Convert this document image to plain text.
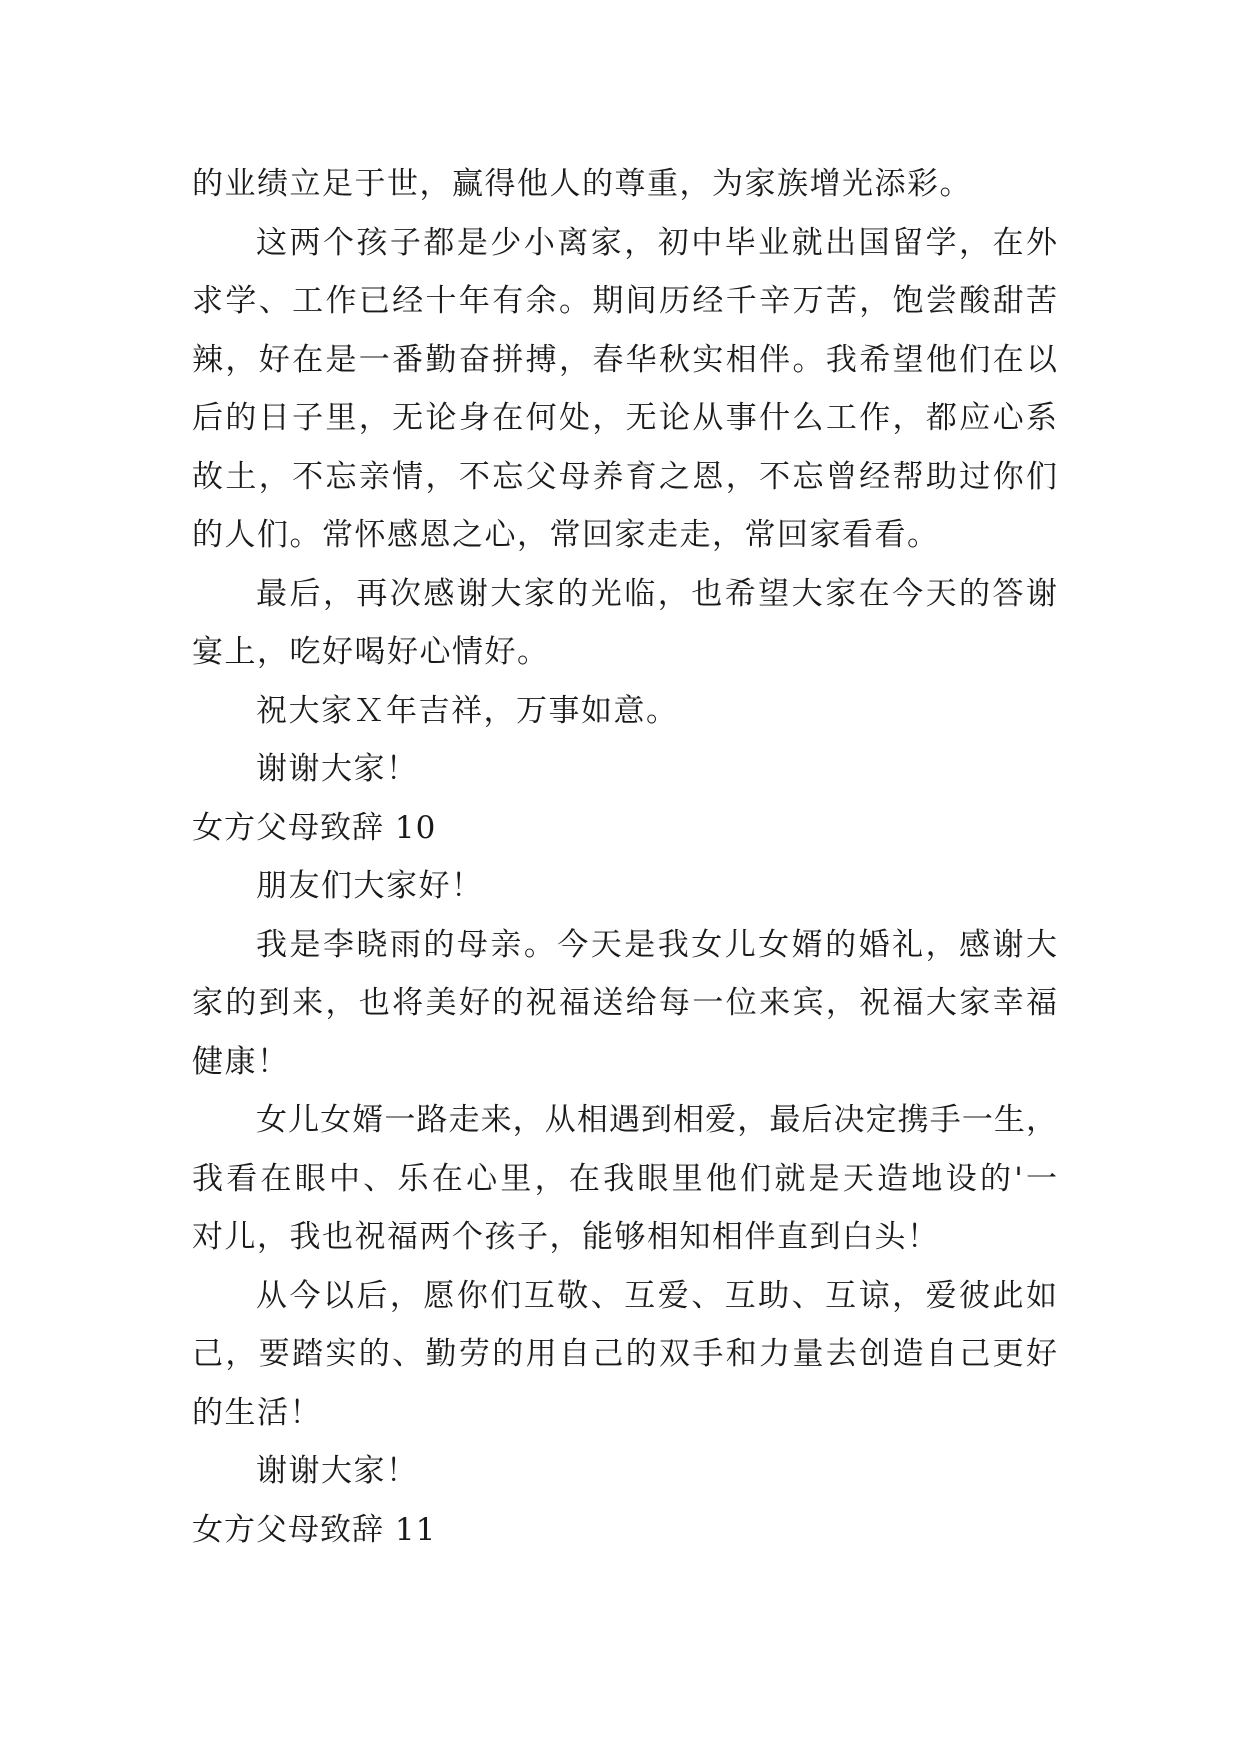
的业绩立足于世，赢得他人的尊重，为家族增光添彩。
这两个孩子都是少小离家，初中毕业就出国留学，在外
求学、工作已经十年有余。期间历经千辛万苦，饱尝酸甜苦
辣，好在是一番勤奋拼搏，春华秋实相伴。我希望他们在以
后的日子里，无论身在何处，无论从事什么工作，都应心系
故土，不忘亲情，不忘父母养育之恩，不忘曾经帮助过你们
的人们。常怀感恩之心，常回家走走，常回家看看。
最后，再次感谢大家的光临，也希望大家在今天的答谢
宴上，吃好喝好心情好。
祝大家Ｘ年吉祥，万事如意。
谢谢大家！
女方父母致辞 10
朋友们大家好！
我是李晓雨的母亲。今天是我女儿女婿的婚礼，感谢大
家的到来，也将美好的祝福送给每一位来宾，祝福大家幸福
健康！
女儿女婿一路走来，从相遇到相爱，最后决定携手一生，
我看在眼中、乐在心里，在我眼里他们就是天造地设的'一
对儿，我也祝福两个孩子，能够相知相伴直到白头！
从今以后，愿你们互敬、互爱、互助、互谅，爱彼此如
己，要踏实的、勤劳的用自己的双手和力量去创造自己更好
的生活！
谢谢大家！
女方父母致辞 11
